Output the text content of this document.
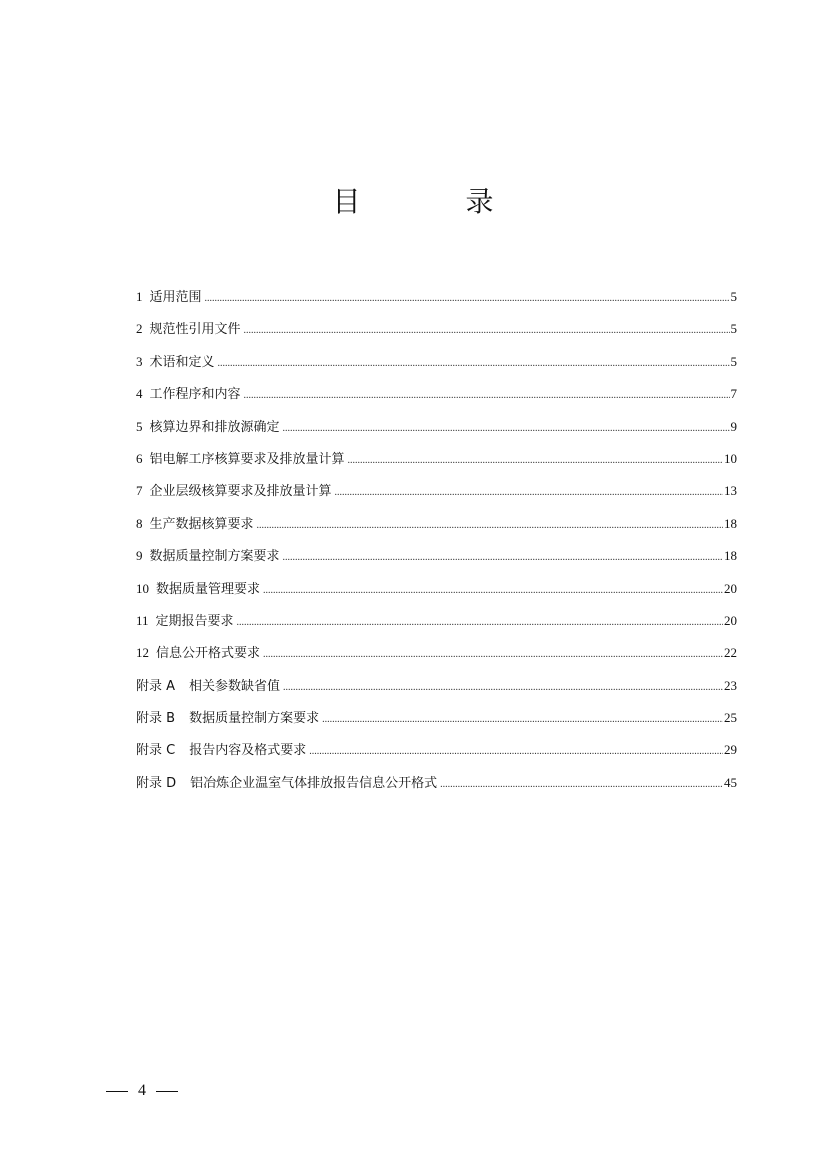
目 录
1 适用范围 .....	5
2 规范性引用文件 .....	5
3 术语和定义 .....	5
4 工作程序和内容 .....	7
5 核算边界和排放源确定 .....	9
6 铝电解工序核算要求及排放量计算 .....	10
7 企业层级核算要求及排放量计算 .....	13
8 生产数据核算要求 .....	18
9 数据质量控制方案要求 .....	18
10 数据质量管理要求 .....	20
11 定期报告要求 .....	20
12 信息公开格式要求 .....	22
附录 A 相关参数缺省值 .....	23
附录 B 数据质量控制方案要求 .....	25
附录 C 报告内容及格式要求 .....	29
附录 D 铝冶炼企业温室气体排放报告信息公开格式 .....	45
4
